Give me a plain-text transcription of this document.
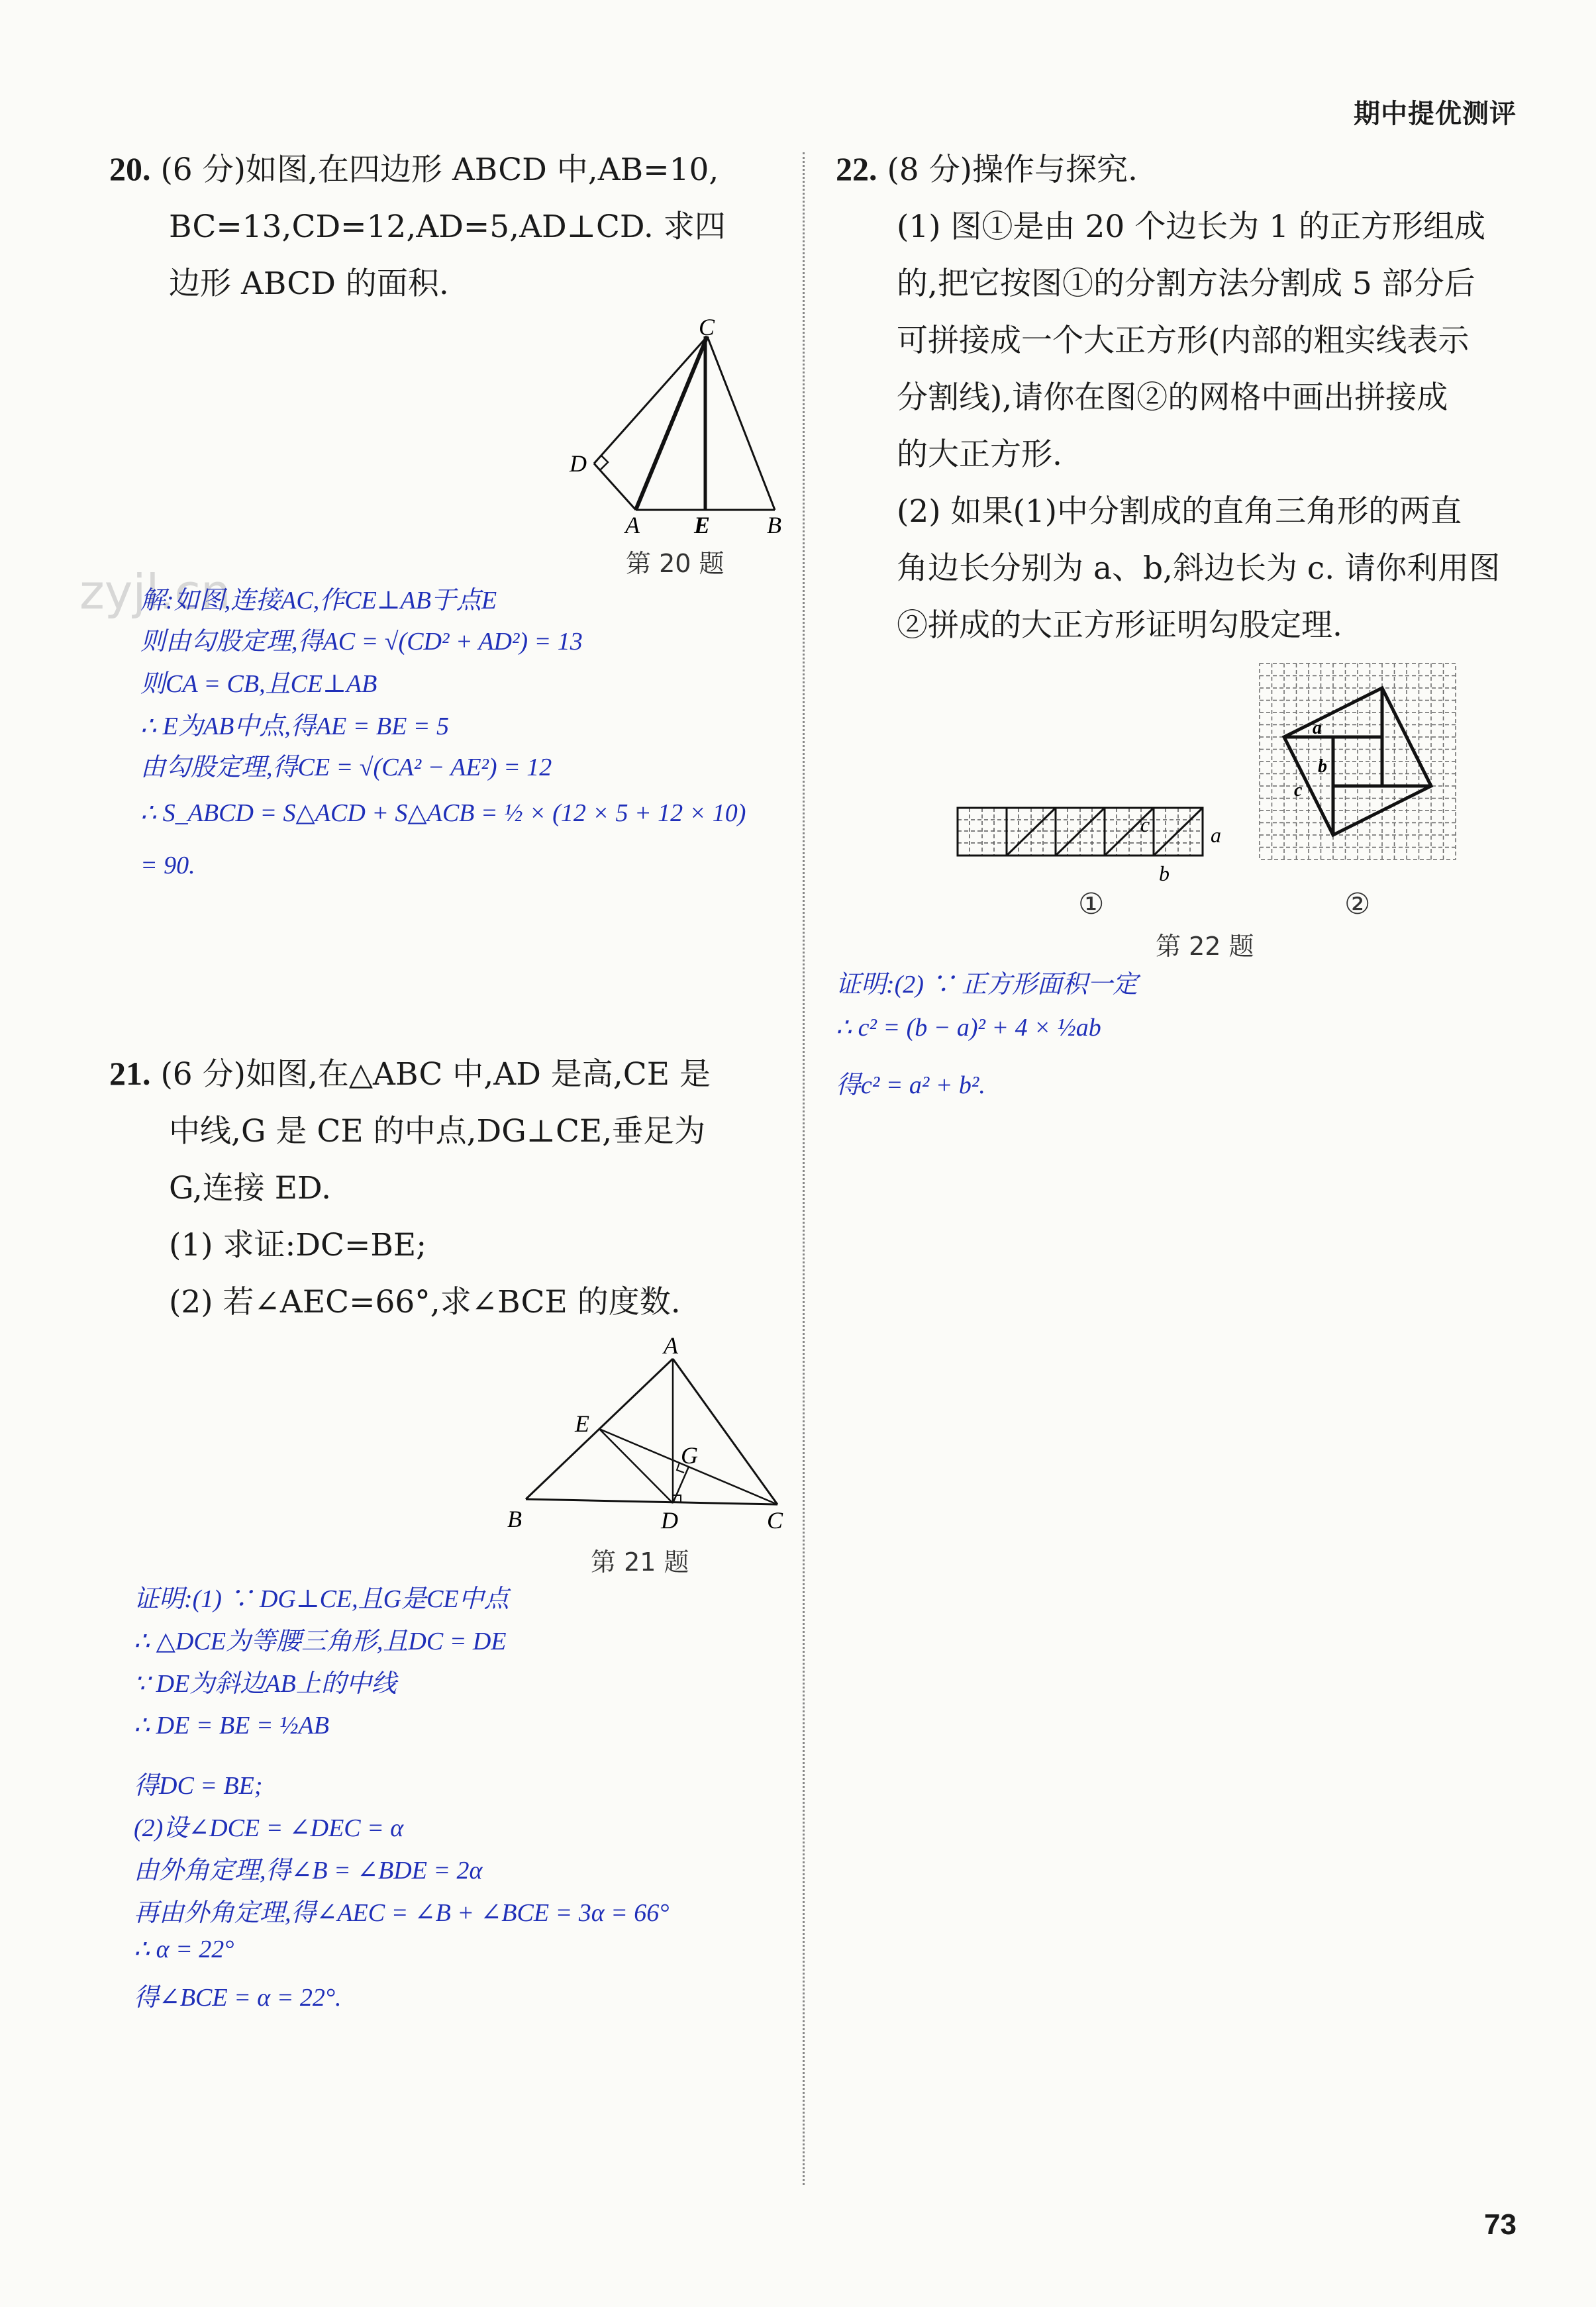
期中提优测评
73
zyjl.cn
20. (6 分)如图,在四边形 ABCD 中,AB=10,
BC=13,CD=12,AD=5,AD⊥CD. 求四
边形 ABCD 的面积.
C
D
A E B
第 20 题
解:如图,连接AC,作CE⊥AB于点E
则由勾股定理,得AC = √(CD² + AD²) = 13
则CA = CB,且CE⊥AB
∴ E为AB中点,得AE = BE = 5
由勾股定理,得CE = √(CA² − AE²) = 12
∴ S_ABCD = S△ACD + S△ACB = ½ × (12 × 5 + 12 × 10)
= 90.
21. (6 分)如图,在△ABC 中,AD 是高,CE 是
中线,G 是 CE 的中点,DG⊥CE,垂足为
G,连接 ED.
(1) 求证:DC=BE;
(2) 若∠AEC=66°,求∠BCE 的度数.
A
E
G
B	D	C
第 21 题
证明:(1) ∵ DG⊥CE,且G是CE中点
∴ △DCE为等腰三角形,且DC = DE
∵ DE为斜边AB上的中线
∴ DE = BE = ½AB
得DC = BE;
(2)设∠DCE = ∠DEC = α
由外角定理,得∠B = ∠BDE = 2α
再由外角定理,得∠AEC = ∠B + ∠BCE = 3α = 66°
∴ α = 22°
得∠BCE = α = 22°.
22. (8 分)操作与探究.
(1) 图①是由 20 个边长为 1 的正方形组成
的,把它按图①的分割方法分割成 5 部分后
可拼接成一个大正方形(内部的粗实线表示
分割线),请你在图②的网格中画出拼接成
的大正方形.
(2) 如果(1)中分割成的直角三角形的两直
角边长分别为 a、b,斜边长为 c. 请你利用图
②拼成的大正方形证明勾股定理.
c	a
b
a
b
c
①	②
第 22 题
证明:(2) ∵ 正方形面积一定
∴ c² = (b − a)² + 4 × ½ab
得c² = a² + b².
